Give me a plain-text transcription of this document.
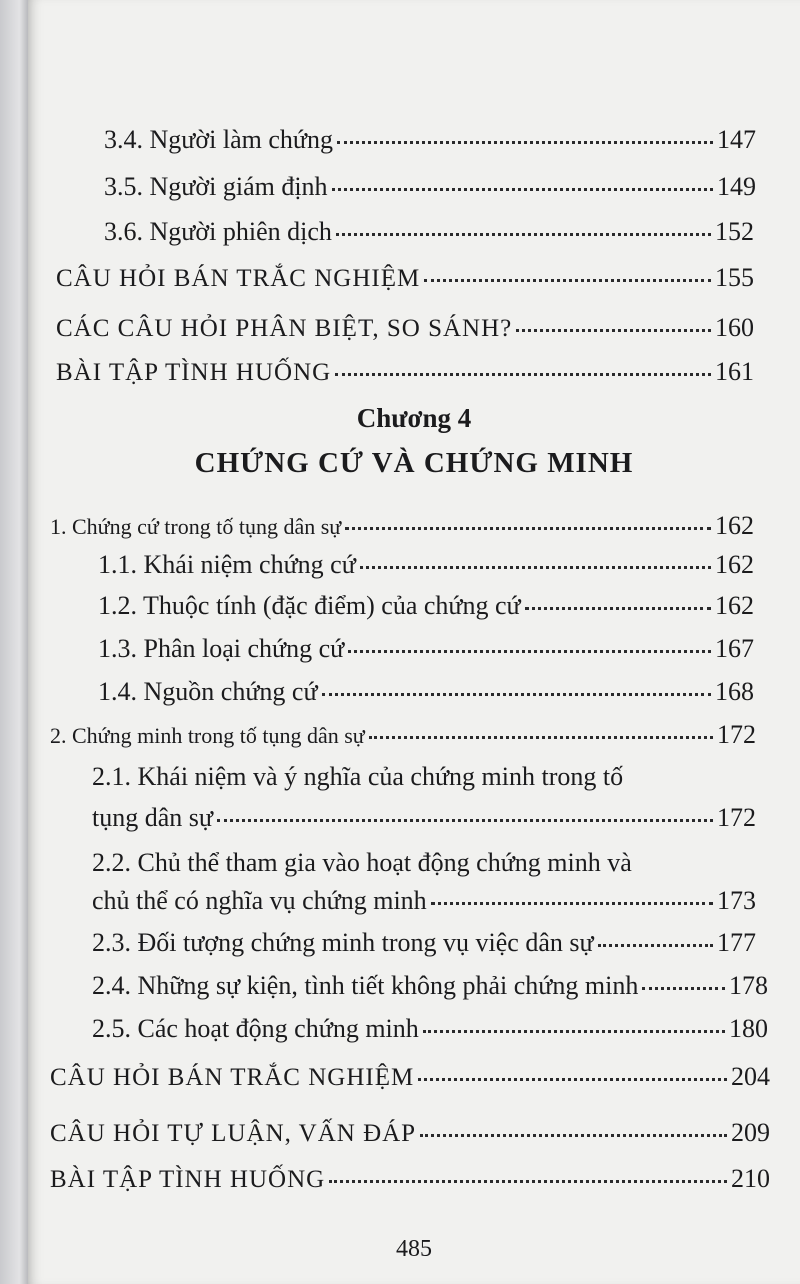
3.4. Người làm chứng	147
3.5. Người giám định	149
3.6. Người phiên dịch	152
CÂU HỎI BÁN TRẮC NGHIỆM	155
CÁC CÂU HỎI PHÂN BIỆT, SO SÁNH?	160
BÀI TẬP TÌNH HUỐNG	161
Chương 4
CHỨNG CỨ VÀ CHỨNG MINH
1. Chứng cứ trong tố tụng dân sự	162
1.1. Khái niệm chứng cứ	162
1.2. Thuộc tính (đặc điểm) của chứng cứ	162
1.3. Phân loại chứng cứ	167
1.4. Nguồn chứng cứ	168
2. Chứng minh trong tố tụng dân sự	172
2.1. Khái niệm và ý nghĩa của chứng minh trong tố
tụng dân sự	172
2.2. Chủ thể tham gia vào hoạt động chứng minh và
chủ thể có nghĩa vụ chứng minh	173
2.3. Đối tượng chứng minh trong vụ việc dân sự	177
2.4. Những sự kiện, tình tiết không phải chứng minh	178
2.5. Các hoạt động chứng minh	180
CÂU HỎI BÁN TRẮC NGHIỆM	204
CÂU HỎI TỰ LUẬN, VẤN ĐÁP	209
BÀI TẬP TÌNH HUỐNG	210
485
